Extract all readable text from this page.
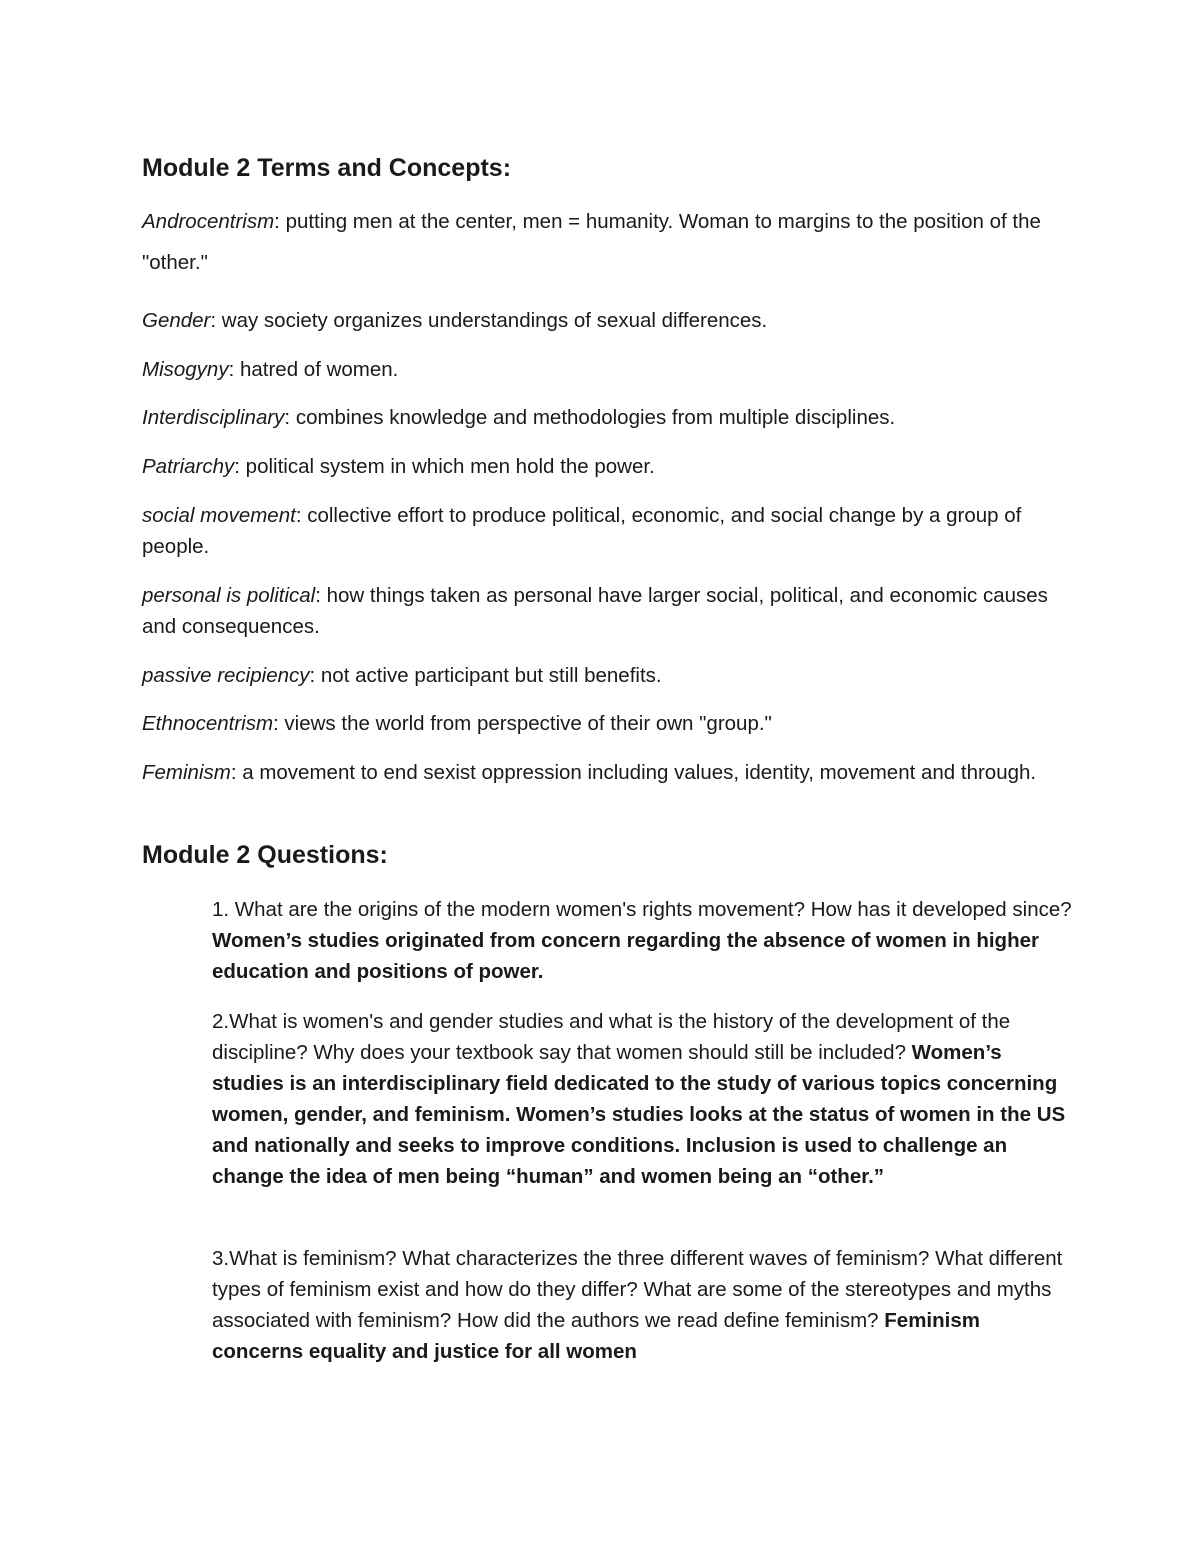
Module 2 Terms and Concepts:

Androcentrism: putting men at the center, men = humanity. Woman to margins to the position of the "other."

Gender: way society organizes understandings of sexual differences.

Misogyny: hatred of women.

Interdisciplinary: combines knowledge and methodologies from multiple disciplines.

Patriarchy: political system in which men hold the power.

social movement: collective effort to produce political, economic, and social change by a group of people.

personal is political: how things taken as personal have larger social, political, and economic causes and consequences.

passive recipiency: not active participant but still benefits.

Ethnocentrism: views the world from perspective of their own "group."

Feminism: a movement to end sexist oppression including values, identity, movement and through.

Module 2 Questions:

1. What are the origins of the modern women's rights movement? How has it developed since? Women’s studies originated from concern regarding the absence of women in higher education and positions of power.

2.What is women's and gender studies and what is the history of the development of the discipline? Why does your textbook say that women should still be included? Women’s studies is an interdisciplinary field dedicated to the study of various topics concerning women, gender, and feminism. Women’s studies looks at the status of women in the US and nationally and seeks to improve conditions. Inclusion is used to challenge an change the idea of men being “human” and women being an “other.”

3.What is feminism? What characterizes the three different waves of feminism? What different types of feminism exist and how do they differ? What are some of the stereotypes and myths associated with feminism? How did the authors we read define feminism? Feminism concerns equality and justice for all women
